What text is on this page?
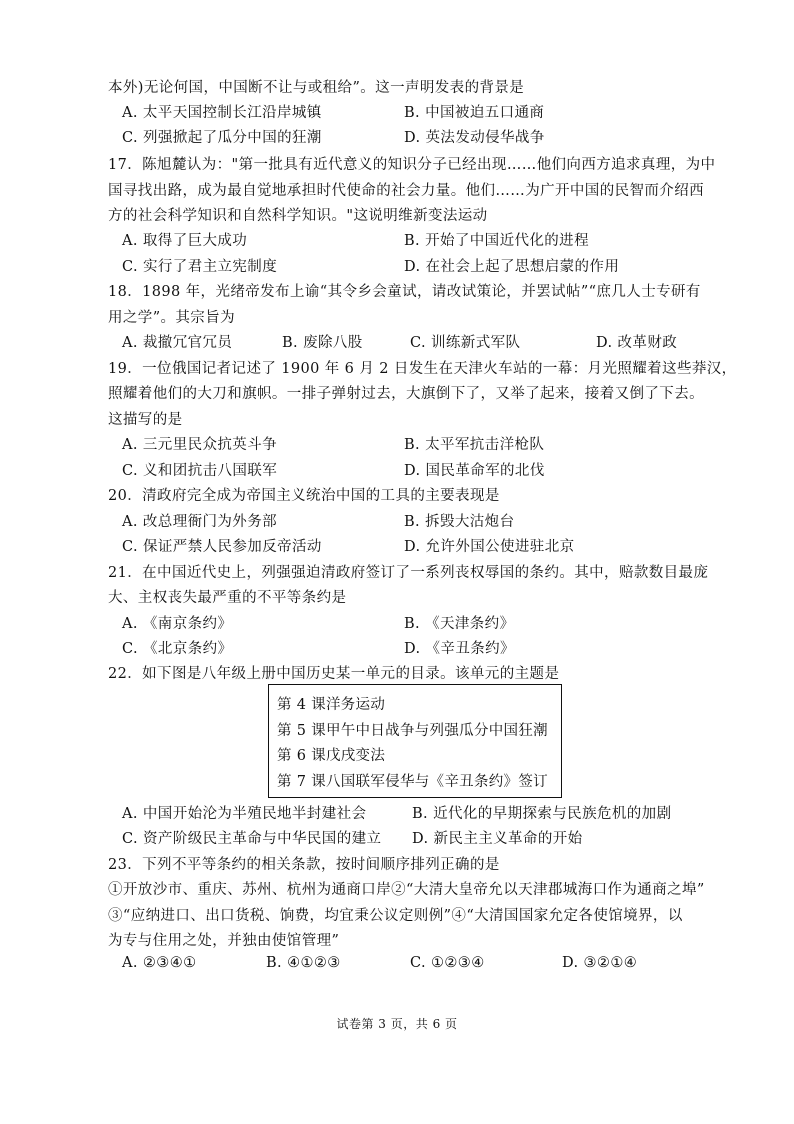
本外)无论何国，中国断不让与或租给”。这一声明发表的背景是
A. 太平天国控制长江沿岸城镇	B. 中国被迫五口通商
C. 列强掀起了瓜分中国的狂潮	D. 英法发动侵华战争
17．陈旭麓认为："第一批具有近代意义的知识分子已经出现……他们向西方追求真理，为中
国寻找出路，成为最自觉地承担时代使命的社会力量。他们……为广开中国的民智而介绍西
方的社会科学知识和自然科学知识。"这说明维新变法运动
A. 取得了巨大成功	B. 开始了中国近代化的进程
C. 实行了君主立宪制度	D. 在社会上起了思想启蒙的作用
18．1898 年，光绪帝发布上谕“其令乡会童试，请改试策论，并罢试帖”“庶几人士专研有
用之学”。其宗旨为
A. 裁撤冗官冗员	B. 废除八股	C. 训练新式军队	D. 改革财政
19．一位俄国记者记述了 1900 年 6 月 2 日发生在天津火车站的一幕：月光照耀着这些莽汉，
照耀着他们的大刀和旗帜。一排子弹射过去，大旗倒下了，又举了起来，接着又倒了下去。
这描写的是
A. 三元里民众抗英斗争	B. 太平军抗击洋枪队
C. 义和团抗击八国联军	D. 国民革命军的北伐
20．清政府完全成为帝国主义统治中国的工具的主要表现是
A. 改总理衙门为外务部	B. 拆毁大沽炮台
C. 保证严禁人民参加反帝活动	D. 允许外国公使进驻北京
21．在中国近代史上，列强强迫清政府签订了一系列丧权辱国的条约。其中，赔款数目最庞
大、主权丧失最严重的不平等条约是
A. 《南京条约》	B. 《天津条约》
C. 《北京条约》	D. 《辛丑条约》
22．如下图是八年级上册中国历史某一单元的目录。该单元的主题是
第 4 课洋务运动
第 5 课甲午中日战争与列强瓜分中国狂潮
第 6 课戊戌变法
第 7 课八国联军侵华与《辛丑条约》签订
A. 中国开始沦为半殖民地半封建社会	B. 近代化的早期探索与民族危机的加剧
C. 资产阶级民主革命与中华民国的建立 D. 新民主主义革命的开始
23．下列不平等条约的相关条款，按时间顺序排列正确的是
①开放沙市、重庆、苏州、杭州为通商口岸②“大清大皇帝允以天津郡城海口作为通商之埠”
③“应纳进口、出口货税、饷费，均宜秉公议定则例”④“大清国国家允定各使馆境界，以
为专与住用之处，并独由使馆管理”
A. ②③④①	B. ④①②③	C. ①②③④	D. ③②①④
试卷第 3 页，共 6 页
